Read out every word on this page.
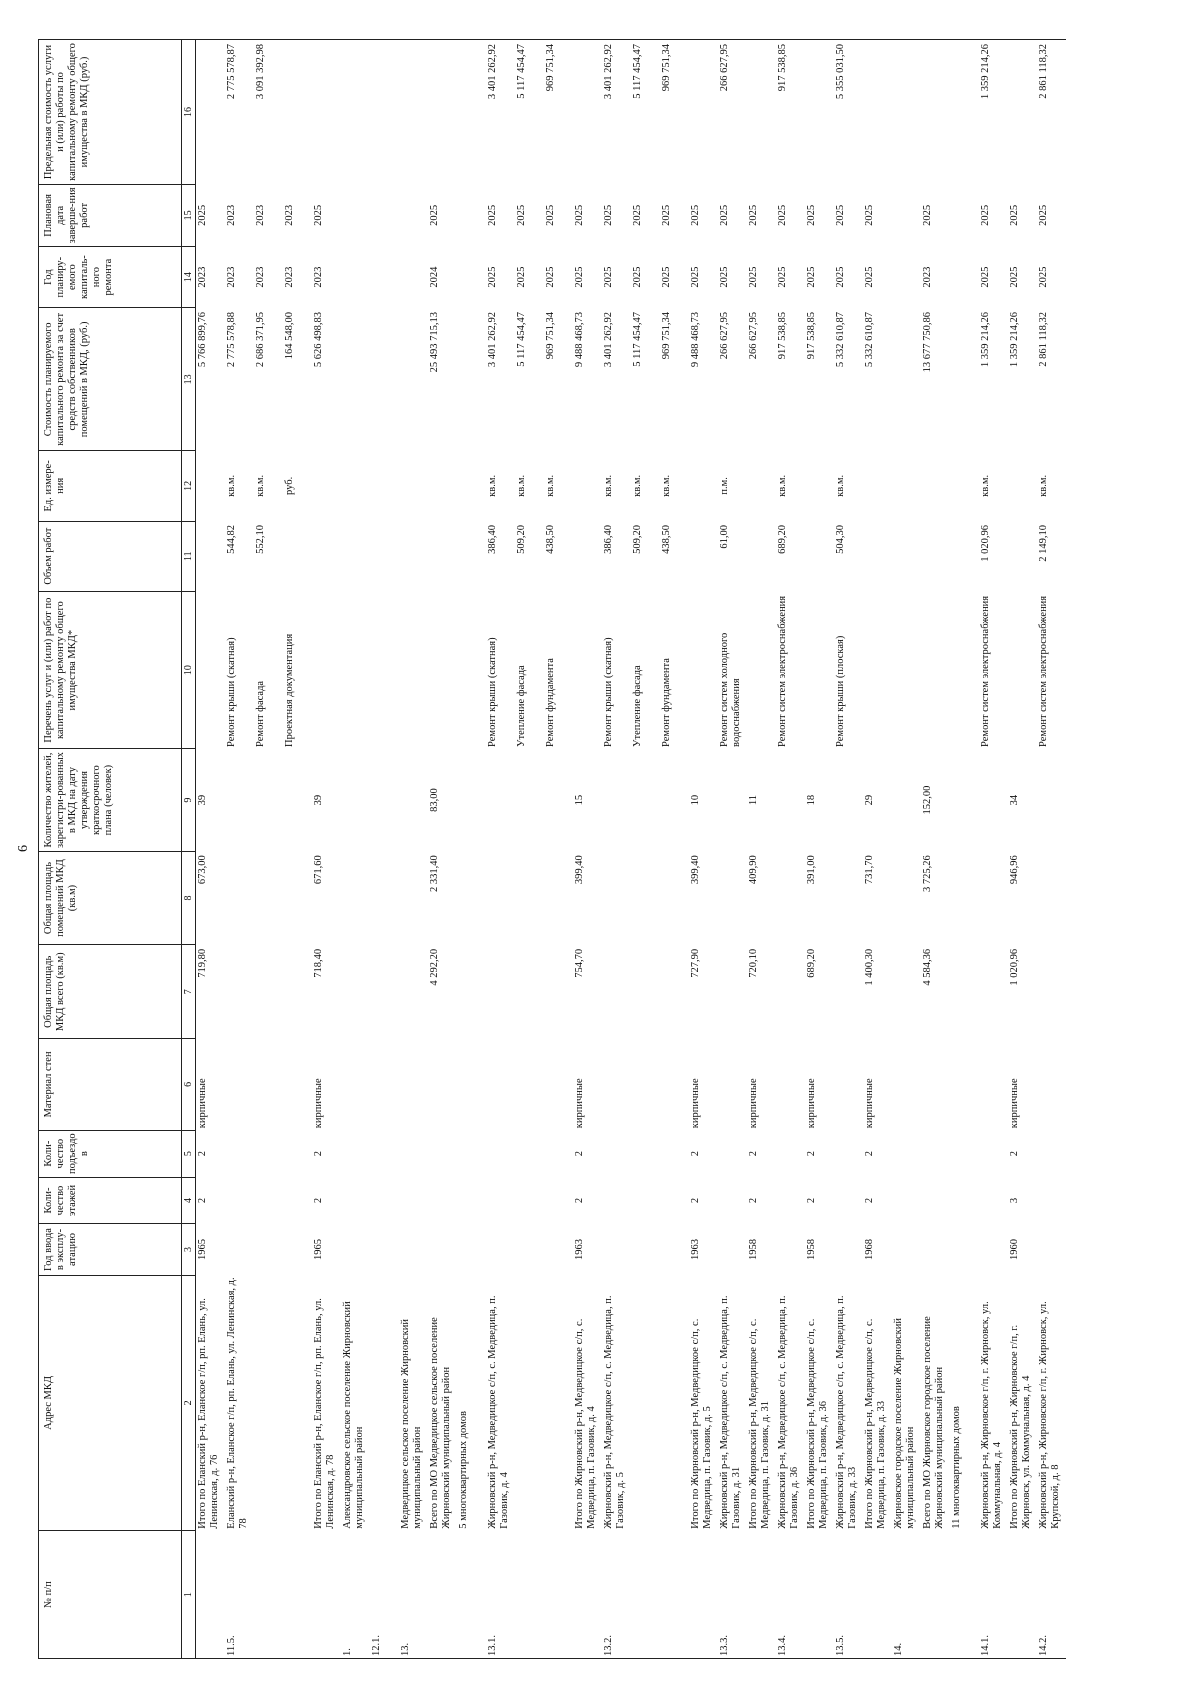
6
№ п/п	Адрес МКД	Год ввода в эксплу-атацию	Коли-чество этажей	Коли-чество подъездо в	Материал стен	Общая площадь МКД всего (кв.м)	Общая площадь помещений МКД (кв.м)	Количество жителей, зарегистри-рованных в МКД на дату утверждения краткосрочного плана (человек)	Перечень услуг и (или) работ по капитальному ремонту общего имущества МКД*	Объем работ	Ед. измере-ния	Стоимость планируемого капитального ремонта за счет средств собственников помещений в МКД, (руб.)	Год планиру-емого капиталь-ного ремонта	Плановая дата заверше-ния работ	Предельная стоимость услуги и (или) работы по капитальному ремонту общего имущества в МКД (руб.)
1	2	3	4	5	6	7	8	9	10	11	12	13	14	15	16
	Итого по Еланский р-н, Еланское г/п, рп. Елань, ул. Ленинская, д. 76	1965	2	2	кирпичные	719,80	673,00	39				5 766 899,76	2023	2025	
11.5.	Еланский р-н, Еланское г/п, рп. Елань, ул. Ленинская, д. 78								Ремонт крыши (скатная)	544,82	кв.м.	2 775 578,88	2023	2023	2 775 578,87
									Ремонт фасада	552,10	кв.м.	2 686 371,95	2023	2023	3 091 392,98
									Проектная документация		руб.	164 548,00	2023	2023	
	Итого по Еланский р-н, Еланское г/п, рп. Елань, ул. Ленинская, д. 78	1965	2	2	кирпичные	718,40	671,60	39				5 626 498,83	2023	2025	
1.	Александровское сельское поселение Жирновский муниципальный район														
12.1.															
13.	Медведицкое сельское поселение Жирновский муниципальный район														
	Всего по МО Медведицкое сельское поселение Жирновский муниципальный район					4 292,20	2 331,40	83,00				25 493 715,13	2024	2025	
	5 многоквартирных домов														
13.1.	Жирновский р-н, Медведицкое с/п, с. Медведица, п. Газовик, д. 4								Ремонт крыши (скатная)	386,40	кв.м.	3 401 262,92	2025	2025	3 401 262,92
									Утепление фасада	509,20	кв.м.	5 117 454,47	2025	2025	5 117 454,47
									Ремонт фундамента	438,50	кв.м.	969 751,34	2025	2025	969 751,34
	Итого по Жирновский р-н, Медведицкое с/п, с. Медведица, п. Газовик, д. 4	1963	2	2	кирпичные	754,70	399,40	15				9 488 468,73	2025	2025	
13.2.	Жирновский р-н, Медведицкое с/п, с. Медведица, п. Газовик, д. 5								Ремонт крыши (скатная)	386,40	кв.м.	3 401 262,92	2025	2025	3 401 262,92
									Утепление фасада	509,20	кв.м.	5 117 454,47	2025	2025	5 117 454,47
									Ремонт фундамента	438,50	кв.м.	969 751,34	2025	2025	969 751,34
	Итого по Жирновский р-н, Медведицкое с/п, с. Медведица, п. Газовик, д. 5	1963	2	2	кирпичные	727,90	399,40	10				9 488 468,73	2025	2025	
13.3.	Жирновский р-н, Медведицкое с/п, с. Медведица, п. Газовик, д. 31								Ремонт систем холодного водоснабжения	61,00	п.м.	266 627,95	2025	2025	266 627,95
	Итого по Жирновский р-н, Медведицкое с/п, с. Медведица, п. Газовик, д. 31	1958	2	2	кирпичные	720,10	409,90	11				266 627,95	2025	2025	
13.4.	Жирновский р-н, Медведицкое с/п, с. Медведица, п. Газовик, д. 36								Ремонт систем электроснабжения	689,20	кв.м.	917 538,85	2025	2025	917 538,85
	Итого по Жирновский р-н, Медведицкое с/п, с. Медведица, п. Газовик, д. 36	1958	2	2	кирпичные	689,20	391,00	18				917 538,85	2025	2025	
13.5.	Жирновский р-н, Медведицкое с/п, с. Медведица, п. Газовик, д. 33								Ремонт крыши (плоская)	504,30	кв.м.	5 332 610,87	2025	2025	5 355 031,50
	Итого по Жирновский р-н, Медведицкое с/п, с. Медведица, п. Газовик, д. 33	1968	2	2	кирпичные	1 400,30	731,70	29				5 332 610,87	2025	2025	
14.	Жирновское городское поселение Жирновский муниципальный район														
	Всего по МО Жирновское городское поселение Жирновский муниципальный район					4 584,36	3 725,26	152,00				13 677 750,86	2023	2025	
	11 многоквартирных домов														
14.1.	Жирновский р-н, Жирновское г/п, г. Жирновск, ул. Коммунальная, д. 4								Ремонт систем электроснабжения	1 020,96	кв.м.	1 359 214,26	2025	2025	1 359 214,26
	Итого по Жирновский р-н, Жирновское г/п, г. Жирновск, ул. Коммунальная, д. 4	1960	3	2	кирпичные	1 020,96	946,96	34				1 359 214,26	2025	2025	
14.2.	Жирновский р-н, Жирновское г/п, г. Жирновск, ул. Крупской, д. 8								Ремонт систем электроснабжения	2 149,10	кв.м.	2 861 118,32	2025	2025	2 861 118,32
